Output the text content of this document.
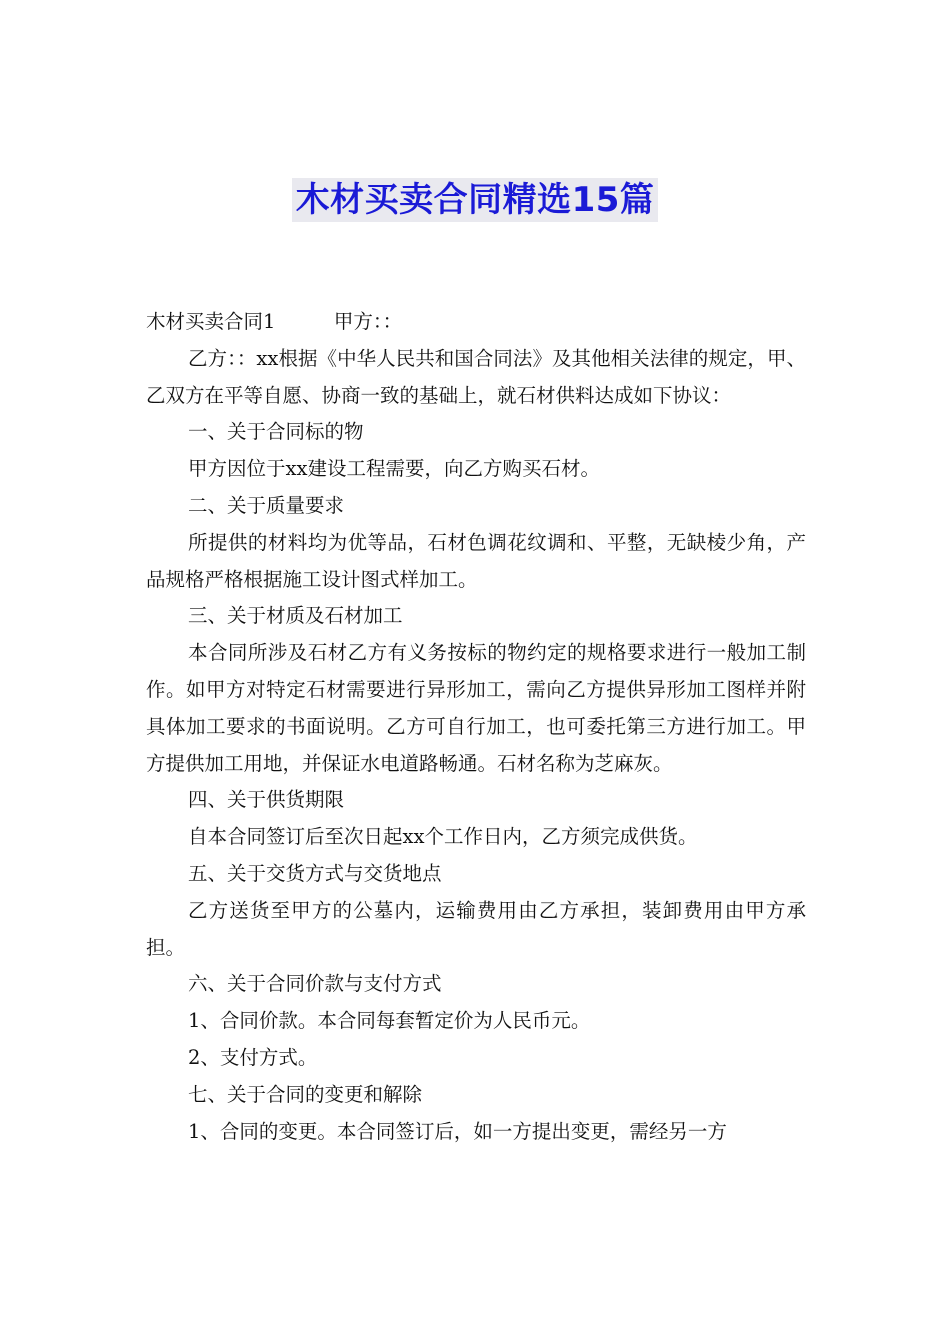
木材买卖合同精选15篇

木材买卖合同1　　　甲方：：

乙方：：xx根据《中华人民共和国合同法》及其他相关法律的规定，甲、乙双方在平等自愿、协商一致的基础上，就石材供料达成如下协议：

一、关于合同标的物

甲方因位于xx建设工程需要，向乙方购买石材。

二、关于质量要求

所提供的材料均为优等品，石材色调花纹调和、平整，无缺棱少角，产品规格严格根据施工设计图式样加工。

三、关于材质及石材加工

本合同所涉及石材乙方有义务按标的物约定的规格要求进行一般加工制作。如甲方对特定石材需要进行异形加工，需向乙方提供异形加工图样并附具体加工要求的书面说明。乙方可自行加工，也可委托第三方进行加工。甲方提供加工用地，并保证水电道路畅通。石材名称为芝麻灰。

四、关于供货期限

自本合同签订后至次日起xx个工作日内，乙方须完成供货。

五、关于交货方式与交货地点

乙方送货至甲方的公墓内，运输费用由乙方承担，装卸费用由甲方承担。

六、关于合同价款与支付方式

1、合同价款。本合同每套暂定价为人民币元。

2、支付方式。

七、关于合同的变更和解除

1、合同的变更。本合同签订后，如一方提出变更，需经另一方
